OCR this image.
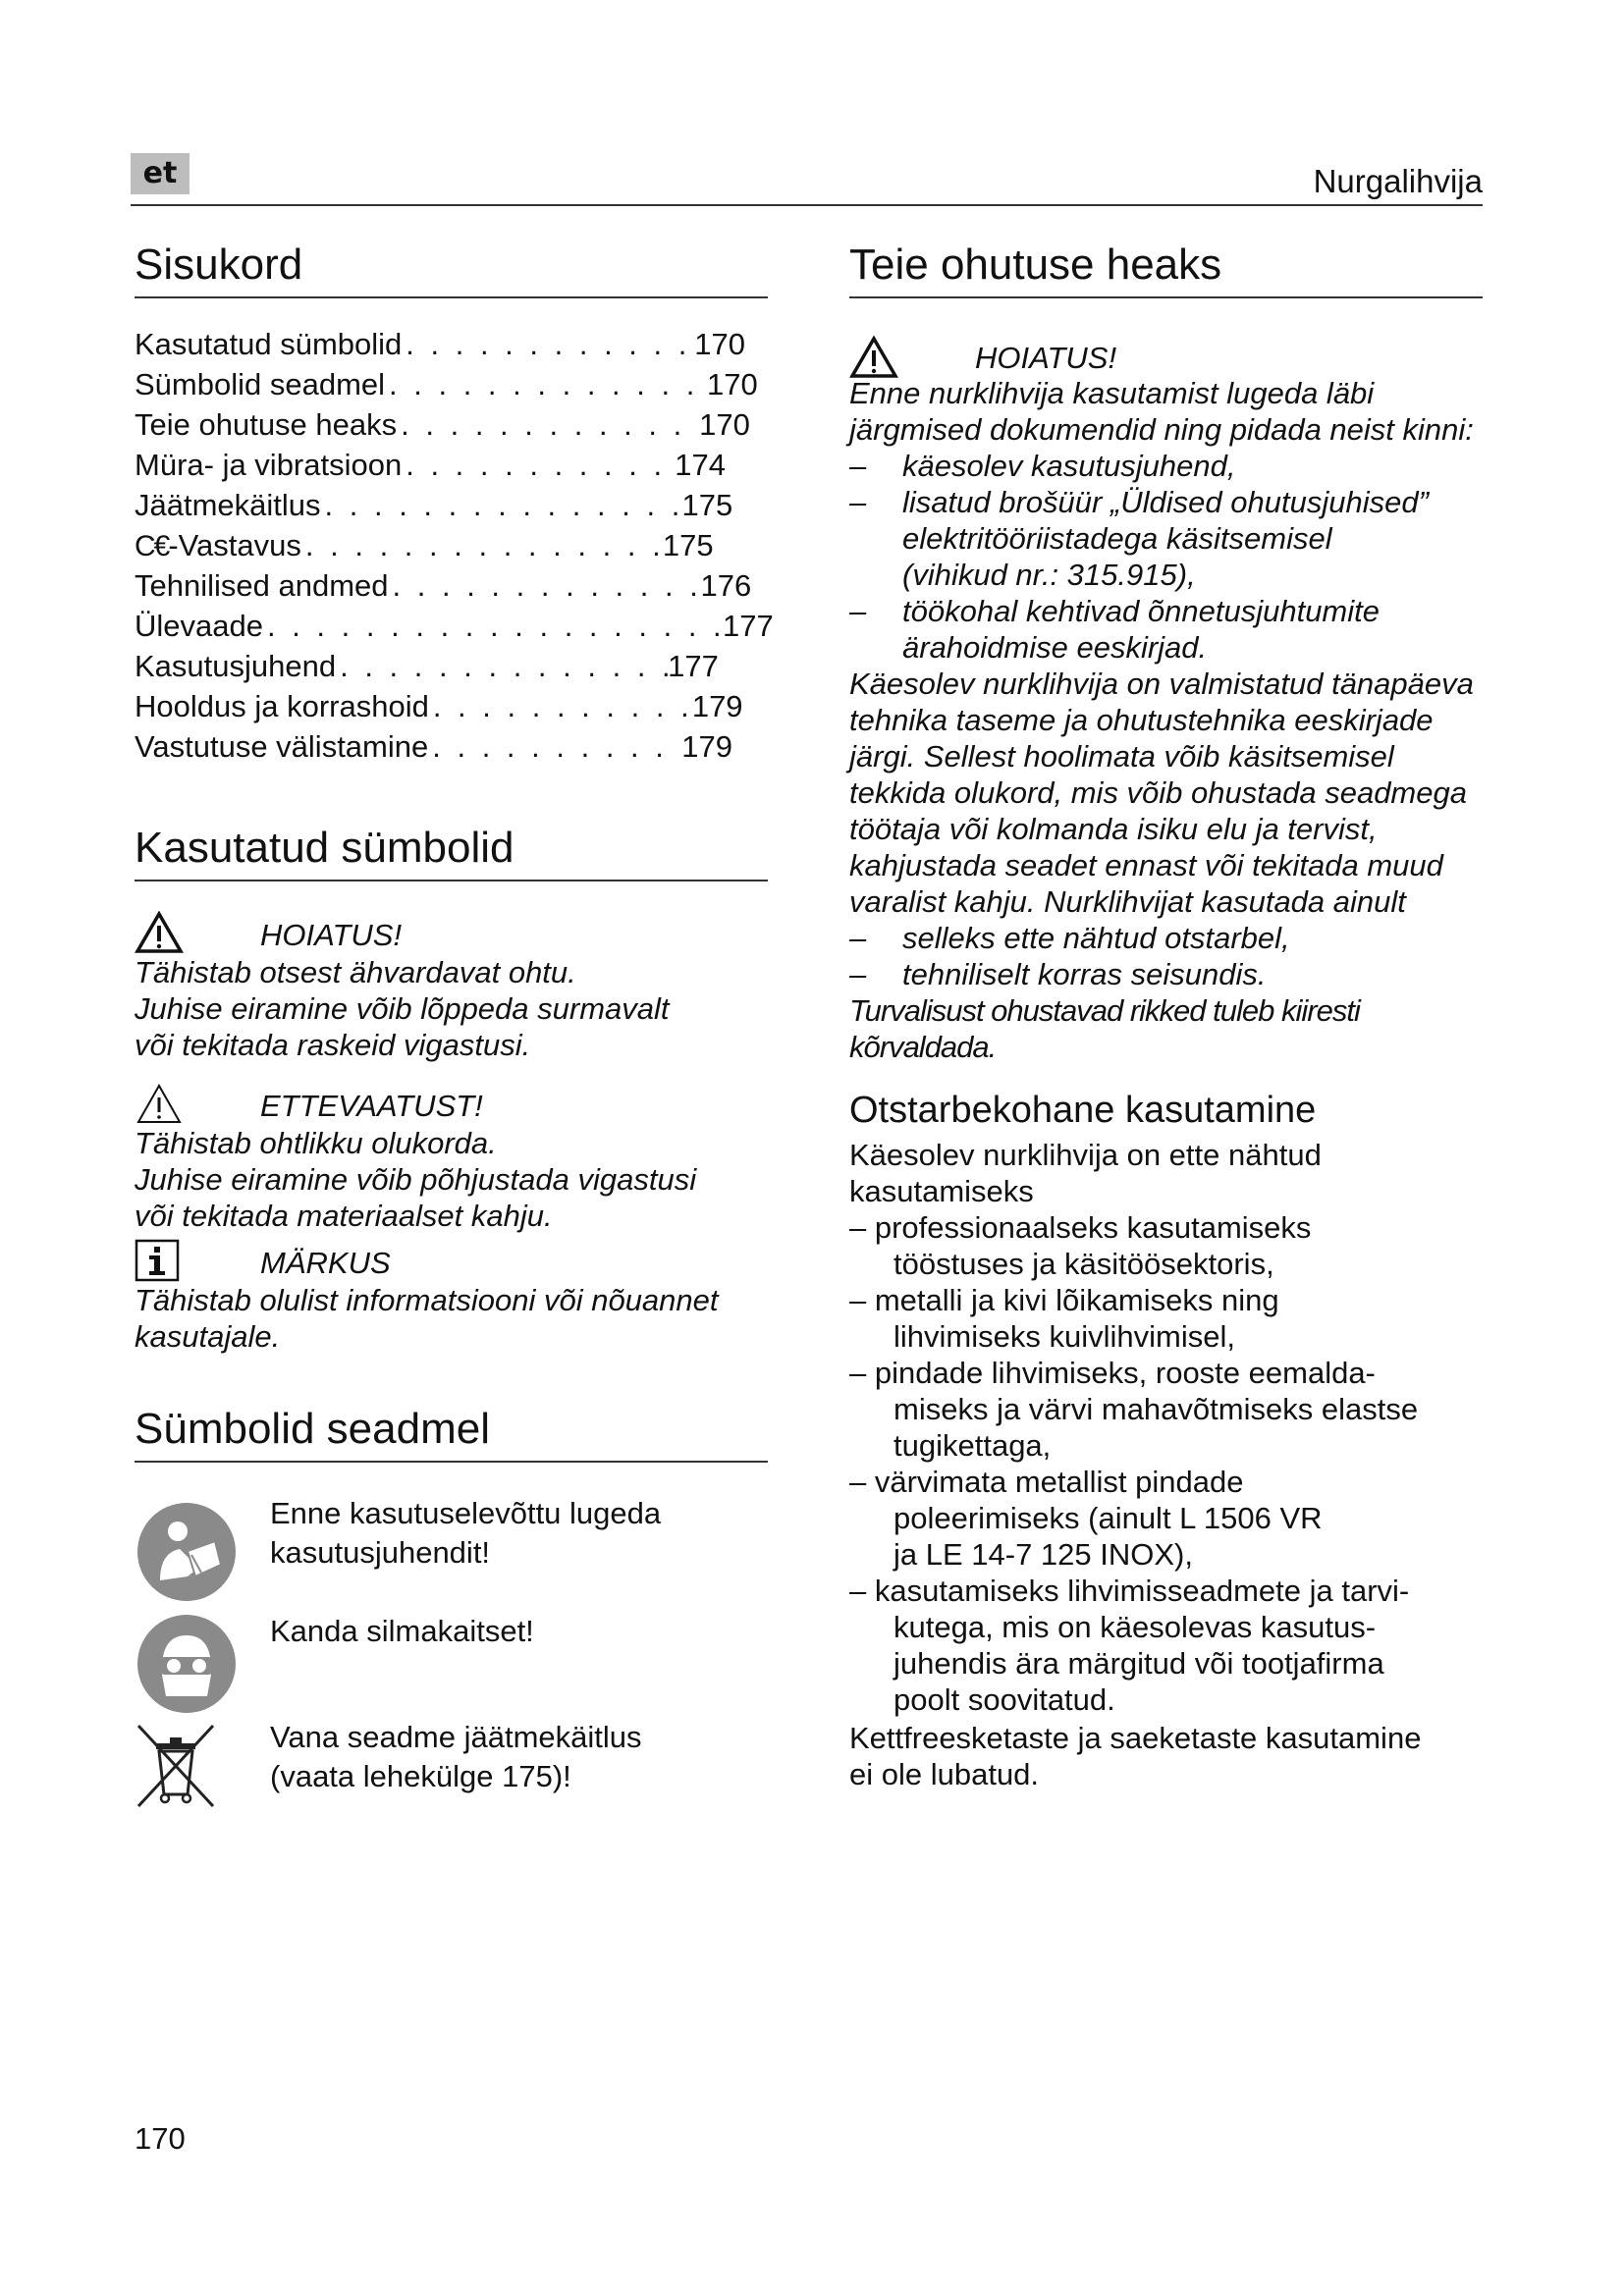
et	Nurgalihvija
Sisukord
Kasutatud sümbolid . . .	170
Sümbolid seadmel . . .	170
Teie ohutuse heaks . . .	170
Müra- ja vibratsioon . . .	174
Jäätmekäitlus . . .	175
C€-Vastavus . . .	175
Tehnilised andmed . . .	176
Ülevaade . . .	177
Kasutusjuhend . . .	177
Hooldus ja korrashoid . . .	179
Vastutuse välistamine . . .	179
Kasutatud sümbolid
HOIATUS!
Tähistab otsest ähvardavat ohtu.
Juhise eiramine võib lõppeda surmavalt
või tekitada raskeid vigastusi.
ETTEVAATUST!
Tähistab ohtlikku olukorda.
Juhise eiramine võib põhjustada vigastusi
või tekitada materiaalset kahju.
MÄRKUS
Tähistab olulist informatsiooni või nõuannet
kasutajale.
Sümbolid seadmel
Enne kasutuselevõttu lugeda
kasutusjuhendit!
Kanda silmakaitset!
Vana seadme jäätmekäitlus
(vaata lehekülge 175)!
Teie ohutuse heaks
HOIATUS!
Enne nurklihvija kasutamist lugeda läbi
järgmised dokumendid ning pidada neist kinni:
–	käesolev kasutusjuhend,
–	lisatud brošüür „Üldised ohutusjuhised”
elektritööriistadega käsitsemisel
(vihikud nr.: 315.915),
–	töökohal kehtivad õnnetusjuhtumite
ärahoidmise eeskirjad.
Käesolev nurklihvija on valmistatud tänapäeva
tehnika taseme ja ohutustehnika eeskirjade
järgi. Sellest hoolimata võib käsitsemisel
tekkida olukord, mis võib ohustada seadmega
töötaja või kolmanda isiku elu ja tervist,
kahjustada seadet ennast või tekitada muud
varalist kahju. Nurklihvijat kasutada ainult
–	selleks ette nähtud otstarbel,
–	tehniliselt korras seisundis.
Turvalisust ohustavad rikked tuleb kiiresti
kõrvaldada.
Otstarbekohane kasutamine
Käesolev nurklihvija on ette nähtud
kasutamiseks
– professionaalseks kasutamiseks
tööstuses ja käsitöösektoris,
– metalli ja kivi lõikamiseks ning
lihvimiseks kuivlihvimisel,
– pindade lihvimiseks, rooste eemalda-
miseks ja värvi mahavõtmiseks elastse
tugikettaga,
– värvimata metallist pindade
poleerimiseks (ainult L 1506 VR
ja LE 14-7 125 INOX),
– kasutamiseks lihvimisseadmete ja tarvi-
kutega, mis on käesolevas kasutus-
juhendis ära märgitud või tootjafirma
poolt soovitatud.
Kettfreesketaste ja saeketaste kasutamine
ei ole lubatud.
170
